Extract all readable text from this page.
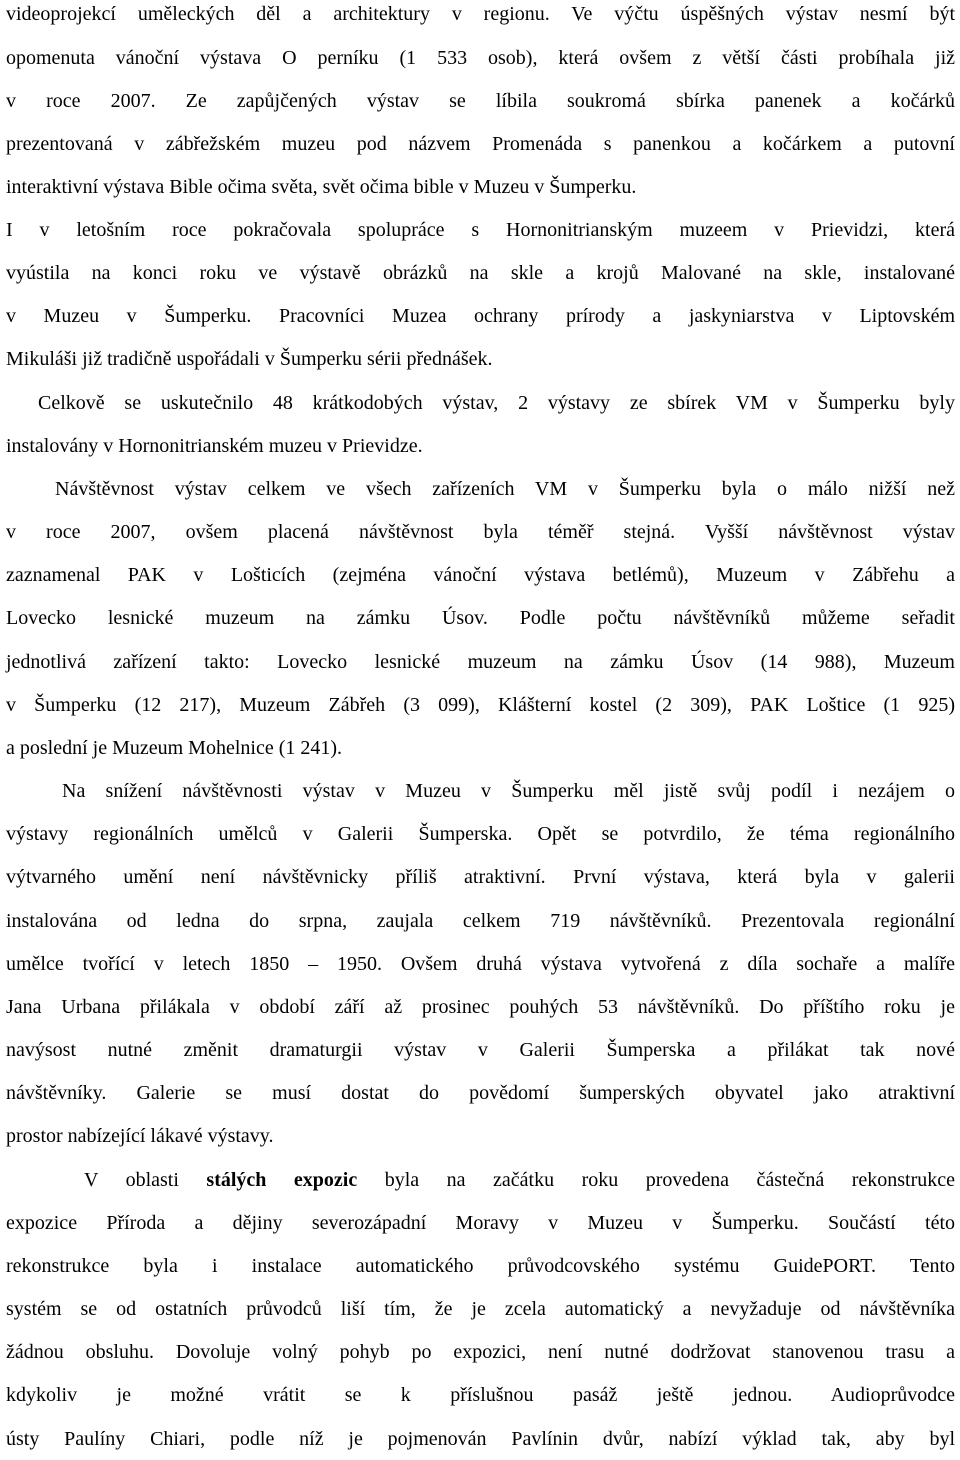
videoprojekcí uměleckých děl a architektury v regionu. Ve výčtu úspěšných výstav nesmí být
opomenuta vánoční výstava O perníku (1 533 osob), která ovšem z větší části probíhala již
v roce 2007. Ze zapůjčených výstav se líbila soukromá sbírka panenek a kočárků
prezentovaná v zábřežském muzeu pod názvem Promenáda s panenkou a kočárkem a putovní
interaktivní výstava Bible očima světa, svět očima bible v Muzeu v Šumperku.
I v letošním roce pokračovala spolupráce s Hornonitrianským muzeem v Prievidzi, která
vyústila na konci roku ve výstavě obrázků na skle a krojů Malované na skle, instalované
v Muzeu v Šumperku. Pracovníci Muzea ochrany prírody a jaskyniarstva v Liptovském
Mikuláši již tradičně uspořádali v Šumperku sérii přednášek.
Celkově se uskutečnilo 48 krátkodobých výstav, 2 výstavy ze sbírek VM v Šumperku byly
instalovány v Hornonitrianském muzeu v Prievidze.
Návštěvnost výstav celkem ve všech zařízeních VM v Šumperku byla o málo nižší než
v roce 2007, ovšem placená návštěvnost byla téměř stejná. Vyšší návštěvnost výstav
zaznamenal PAK v Lošticích (zejména vánoční výstava betlémů), Muzeum v Zábřehu a
Lovecko lesnické muzeum na zámku Úsov. Podle počtu návštěvníků můžeme seřadit
jednotlivá zařízení takto: Lovecko lesnické muzeum na zámku Úsov (14 988), Muzeum
v Šumperku (12 217), Muzeum Zábřeh (3 099), Klášterní kostel (2 309), PAK Loštice (1 925)
a poslední je Muzeum Mohelnice (1 241).
Na snížení návštěvnosti výstav v Muzeu v Šumperku měl jistě svůj podíl i nezájem o
výstavy regionálních umělců v Galerii Šumperska. Opět se potvrdilo, že téma regionálního
výtvarného umění není návštěvnicky příliš atraktivní. První výstava, která byla v galerii
instalována od ledna do srpna, zaujala celkem 719 návštěvníků. Prezentovala regionální
umělce tvořící v letech 1850 – 1950. Ovšem druhá výstava vytvořená z díla sochaře a malíře
Jana Urbana přilákala v období září až prosinec pouhých 53 návštěvníků. Do příštího roku je
navýsost nutné změnit dramaturgii výstav v Galerii Šumperska a přilákat tak nové
návštěvníky. Galerie se musí dostat do povědomí šumperských obyvatel jako atraktivní
prostor nabízející lákavé výstavy.
V oblasti stálých expozic byla na začátku roku provedena částečná rekonstrukce
expozice Příroda a dějiny severozápadní Moravy v Muzeu v Šumperku. Součástí této
rekonstrukce byla i instalace automatického průvodcovského systému GuidePORT. Tento
systém se od ostatních průvodců liší tím, že je zcela automatický a nevyžaduje od návštěvníka
žádnou obsluhu. Dovoluje volný pohyb po expozici, není nutné dodržovat stanovenou trasu a
kdykoliv je možné vrátit se k příslušnou pasáž ještě jednou. Audioprůvodce
ústy Paulíny Chiari, podle níž je pojmenován Pavlínin dvůr, nabízí výklad tak, aby byl
